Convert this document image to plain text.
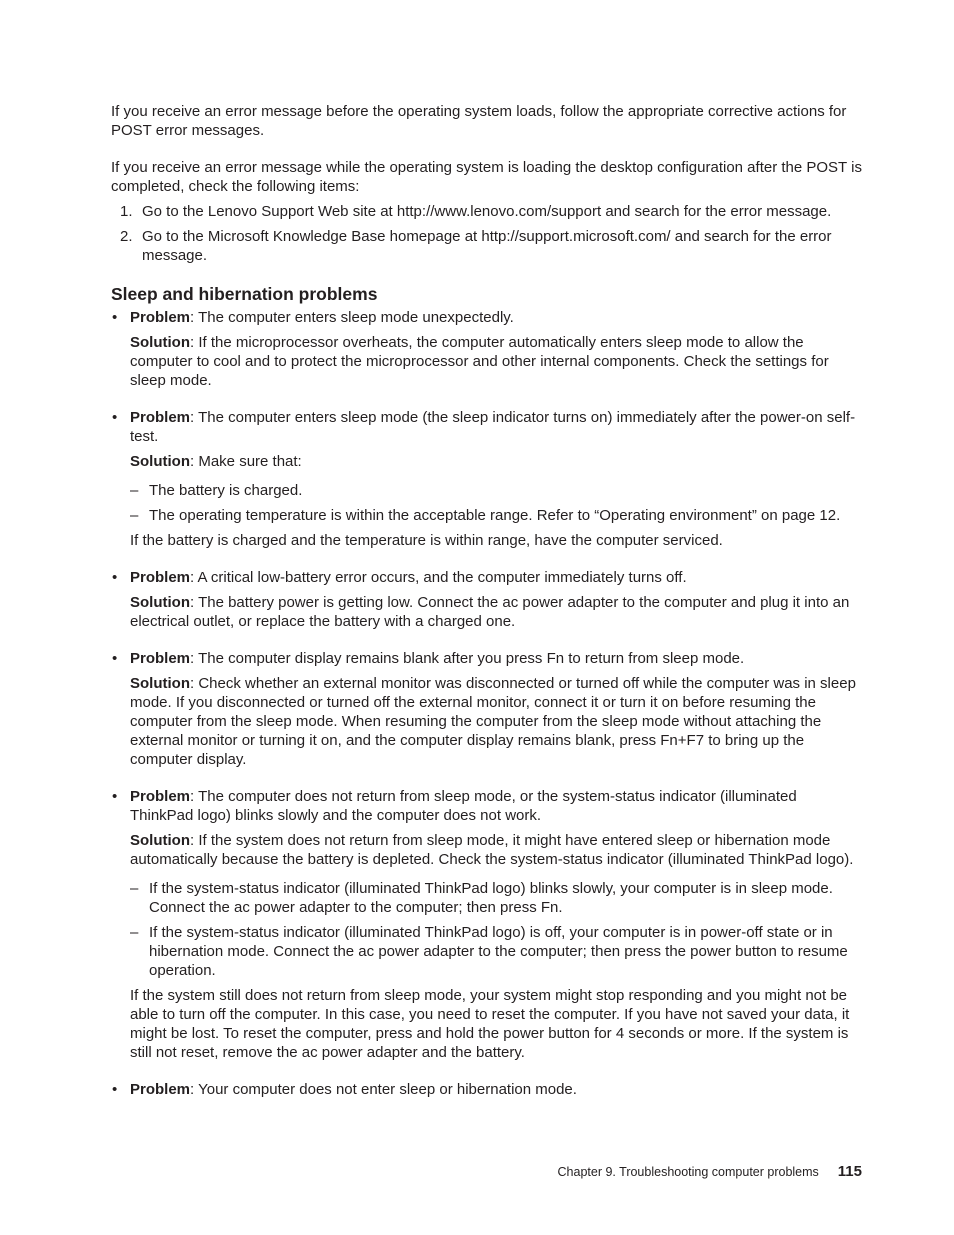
If you receive an error message before the operating system loads, follow the appropriate corrective actions for POST error messages.

If you receive an error message while the operating system is loading the desktop configuration after the POST is completed, check the following items:

1. Go to the Lenovo Support Web site at http://www.lenovo.com/support and search for the error message.
2. Go to the Microsoft Knowledge Base homepage at http://support.microsoft.com/ and search for the error message.
Sleep and hibernation problems
• Problem: The computer enters sleep mode unexpectedly.

Solution: If the microprocessor overheats, the computer automatically enters sleep mode to allow the computer to cool and to protect the microprocessor and other internal components. Check the settings for sleep mode.

• Problem: The computer enters sleep mode (the sleep indicator turns on) immediately after the power-on self-test.

Solution: Make sure that:

– The battery is charged.
– The operating temperature is within the acceptable range. Refer to “Operating environment” on page 12.

If the battery is charged and the temperature is within range, have the computer serviced.

• Problem: A critical low-battery error occurs, and the computer immediately turns off.

Solution: The battery power is getting low. Connect the ac power adapter to the computer and plug it into an electrical outlet, or replace the battery with a charged one.

• Problem: The computer display remains blank after you press Fn to return from sleep mode.

Solution: Check whether an external monitor was disconnected or turned off while the computer was in sleep mode. If you disconnected or turned off the external monitor, connect it or turn it on before resuming the computer from the sleep mode. When resuming the computer from the sleep mode without attaching the external monitor or turning it on, and the computer display remains blank, press Fn+F7 to bring up the computer display.

• Problem: The computer does not return from sleep mode, or the system-status indicator (illuminated ThinkPad logo) blinks slowly and the computer does not work.

Solution: If the system does not return from sleep mode, it might have entered sleep or hibernation mode automatically because the battery is depleted. Check the system-status indicator (illuminated ThinkPad logo).

– If the system-status indicator (illuminated ThinkPad logo) blinks slowly, your computer is in sleep mode. Connect the ac power adapter to the computer; then press Fn.
– If the system-status indicator (illuminated ThinkPad logo) is off, your computer is in power-off state or in hibernation mode. Connect the ac power adapter to the computer; then press the power button to resume operation.

If the system still does not return from sleep mode, your system might stop responding and you might not be able to turn off the computer. In this case, you need to reset the computer. If you have not saved your data, it might be lost. To reset the computer, press and hold the power button for 4 seconds or more. If the system is still not reset, remove the ac power adapter and the battery.

• Problem: Your computer does not enter sleep or hibernation mode.

Chapter 9. Troubleshooting computer problems 115
